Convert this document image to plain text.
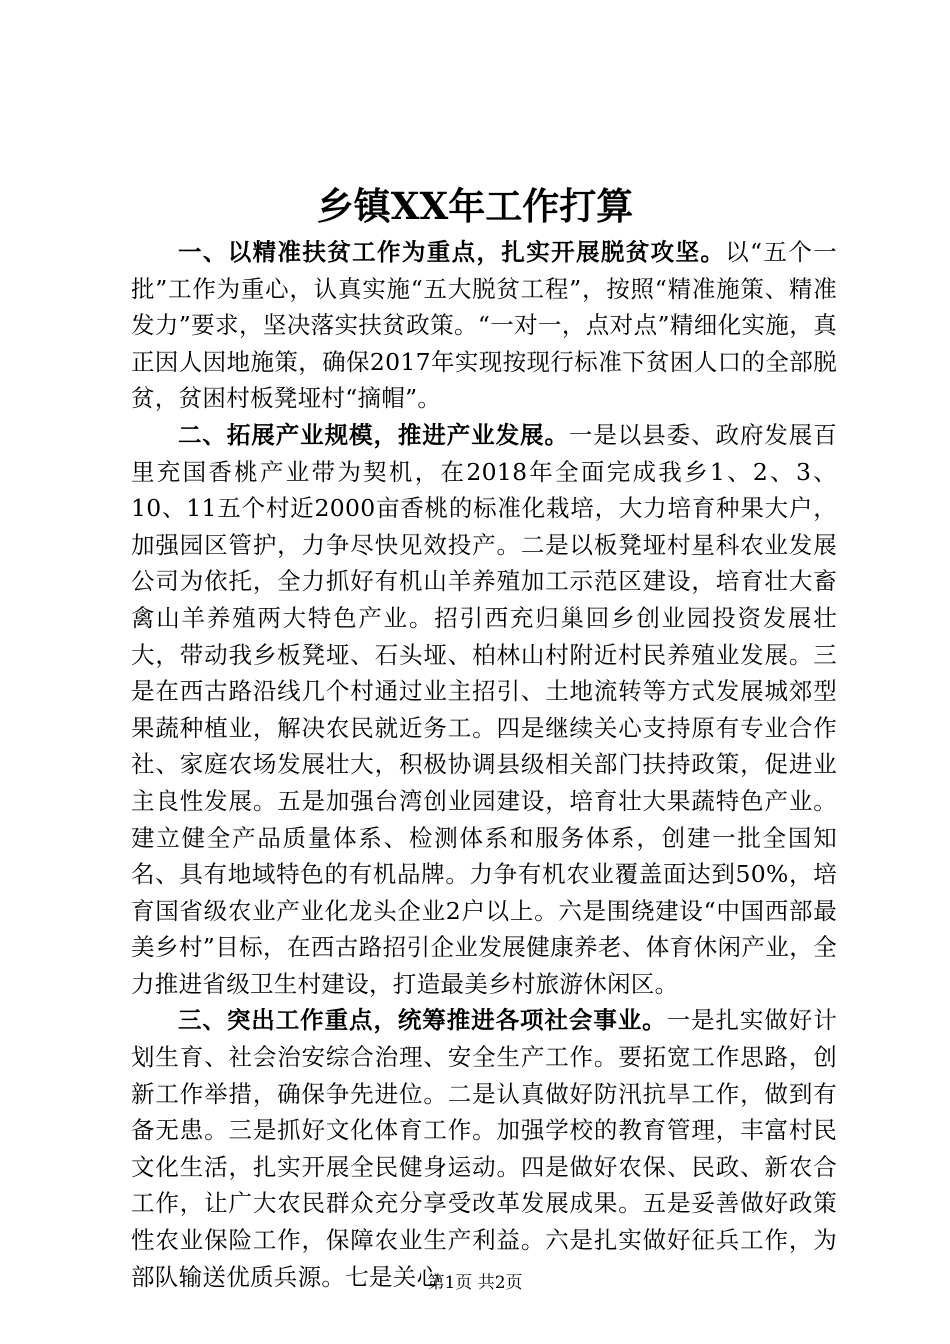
乡镇XX年工作打算

一、以精准扶贫工作为重点，扎实开展脱贫攻坚。以“五个一批”工作为重心，认真实施“五大脱贫工程”，按照“精准施策、精准发力”要求，坚决落实扶贫政策。“一对一，点对点”精细化实施，真正因人因地施策，确保2017年实现按现行标准下贫困人口的全部脱贫，贫困村板凳垭村“摘帽”。

二、拓展产业规模，推进产业发展。一是以县委、政府发展百里充国香桃产业带为契机，在2018年全面完成我乡1、2、3、10、11五个村近2000亩香桃的标准化栽培，大力培育种果大户，加强园区管护，力争尽快见效投产。二是以板凳垭村星科农业发展公司为依托，全力抓好有机山羊养殖加工示范区建设，培育壮大畜禽山羊养殖两大特色产业。招引西充归巢回乡创业园投资发展壮大，带动我乡板凳垭、石头垭、柏林山村附近村民养殖业发展。三是在西古路沿线几个村通过业主招引、土地流转等方式发展城郊型果蔬种植业，解决农民就近务工。四是继续关心支持原有专业合作社、家庭农场发展壮大，积极协调县级相关部门扶持政策，促进业主良性发展。五是加强台湾创业园建设，培育壮大果蔬特色产业。建立健全产品质量体系、检测体系和服务体系，创建一批全国知名、具有地域特色的有机品牌。力争有机农业覆盖面达到50%，培育国省级农业产业化龙头企业2户以上。六是围绕建设“中国西部最美乡村”目标，在西古路招引企业发展健康养老、体育休闲产业，全力推进省级卫生村建设，打造最美乡村旅游休闲区。

三、突出工作重点，统筹推进各项社会事业。一是扎实做好计划生育、社会治安综合治理、安全生产工作。要拓宽工作思路，创新工作举措，确保争先进位。二是认真做好防汛抗旱工作，做到有备无患。三是抓好文化体育工作。加强学校的教育管理，丰富村民文化生活，扎实开展全民健身运动。四是做好农保、民政、新农合工作，让广大农民群众充分享受改革发展成果。五是妥善做好政策性农业保险工作，保障农业生产利益。六是扎实做好征兵工作，为部队输送优质兵源。七是关心

第1页 共2页
